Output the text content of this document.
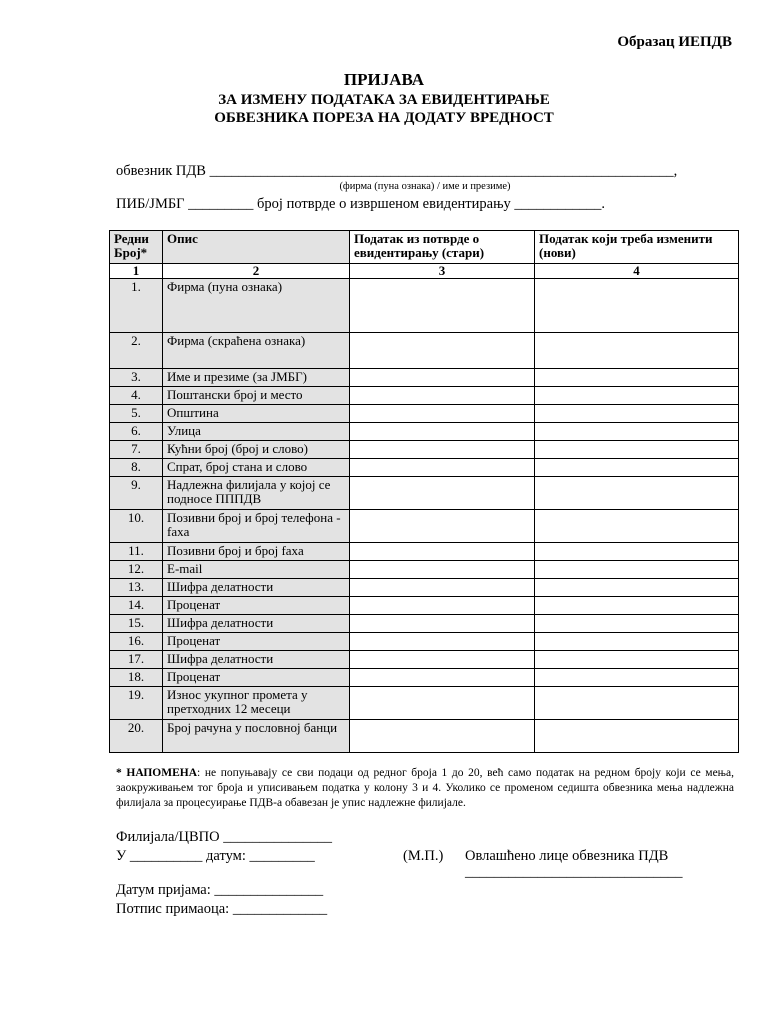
Образац ИЕПДВ
ПРИЈАВА
ЗА ИЗМЕНУ ПОДАТАКА ЗА ЕВИДЕНТИРАЊЕ
ОБВЕЗНИКА ПОРЕЗА НА ДОДАТУ ВРЕДНОСТ
обвезник ПДВ ________________________________________________________________,
(фирма (пуна ознака) / име и презиме)
ПИБ/ЈМБГ _________ број потврде о извршеном евидентирању ____________.
Редни Број*	Опис	Податак из потврде о евидентирању (стари)	Податак који треба изменити (нови)
1	2	3	4
1.	Фирма (пуна ознака)		
2.	Фирма (скраћена ознака)		
3.	Име и презиме (за ЈМБГ)		
4.	Поштански број и место		
5.	Општина		
6.	Улица		
7.	Кућни број (број и слово)		
8.	Спрат, број стана и слово		
9.	Надлежна филијала у којој се подносе ПППДВ		
10.	Позивни број и број телефона - faxa		
11.	Позивни број и број faxa		
12.	E-mail		
13.	Шифра делатности		
14.	Проценат		
15.	Шифра делатности		
16.	Проценат		
17.	Шифра делатности		
18.	Проценат		
19.	Износ укупног промета у претходних 12 месеци		
20.	Број рачуна у пословној банци		
* НАПОМЕНА: не попуњавају се сви подаци од редног броја 1 до 20, већ само податак на редном броју који се мења, заокруживањем тог броја и уписивањем податка у колону 3 и 4. Уколико се променом седишта обвезника мења надлежна филијала за процесуирање ПДВ-а обавезан је упис надлежне филијале.
Филијала/ЦВПО _______________
У __________ датум: _________	(М.П.) Овлашћено лице обвезника ПДВ
______________________________
Датум пријама: _______________
Потпис примаоца: _____________
